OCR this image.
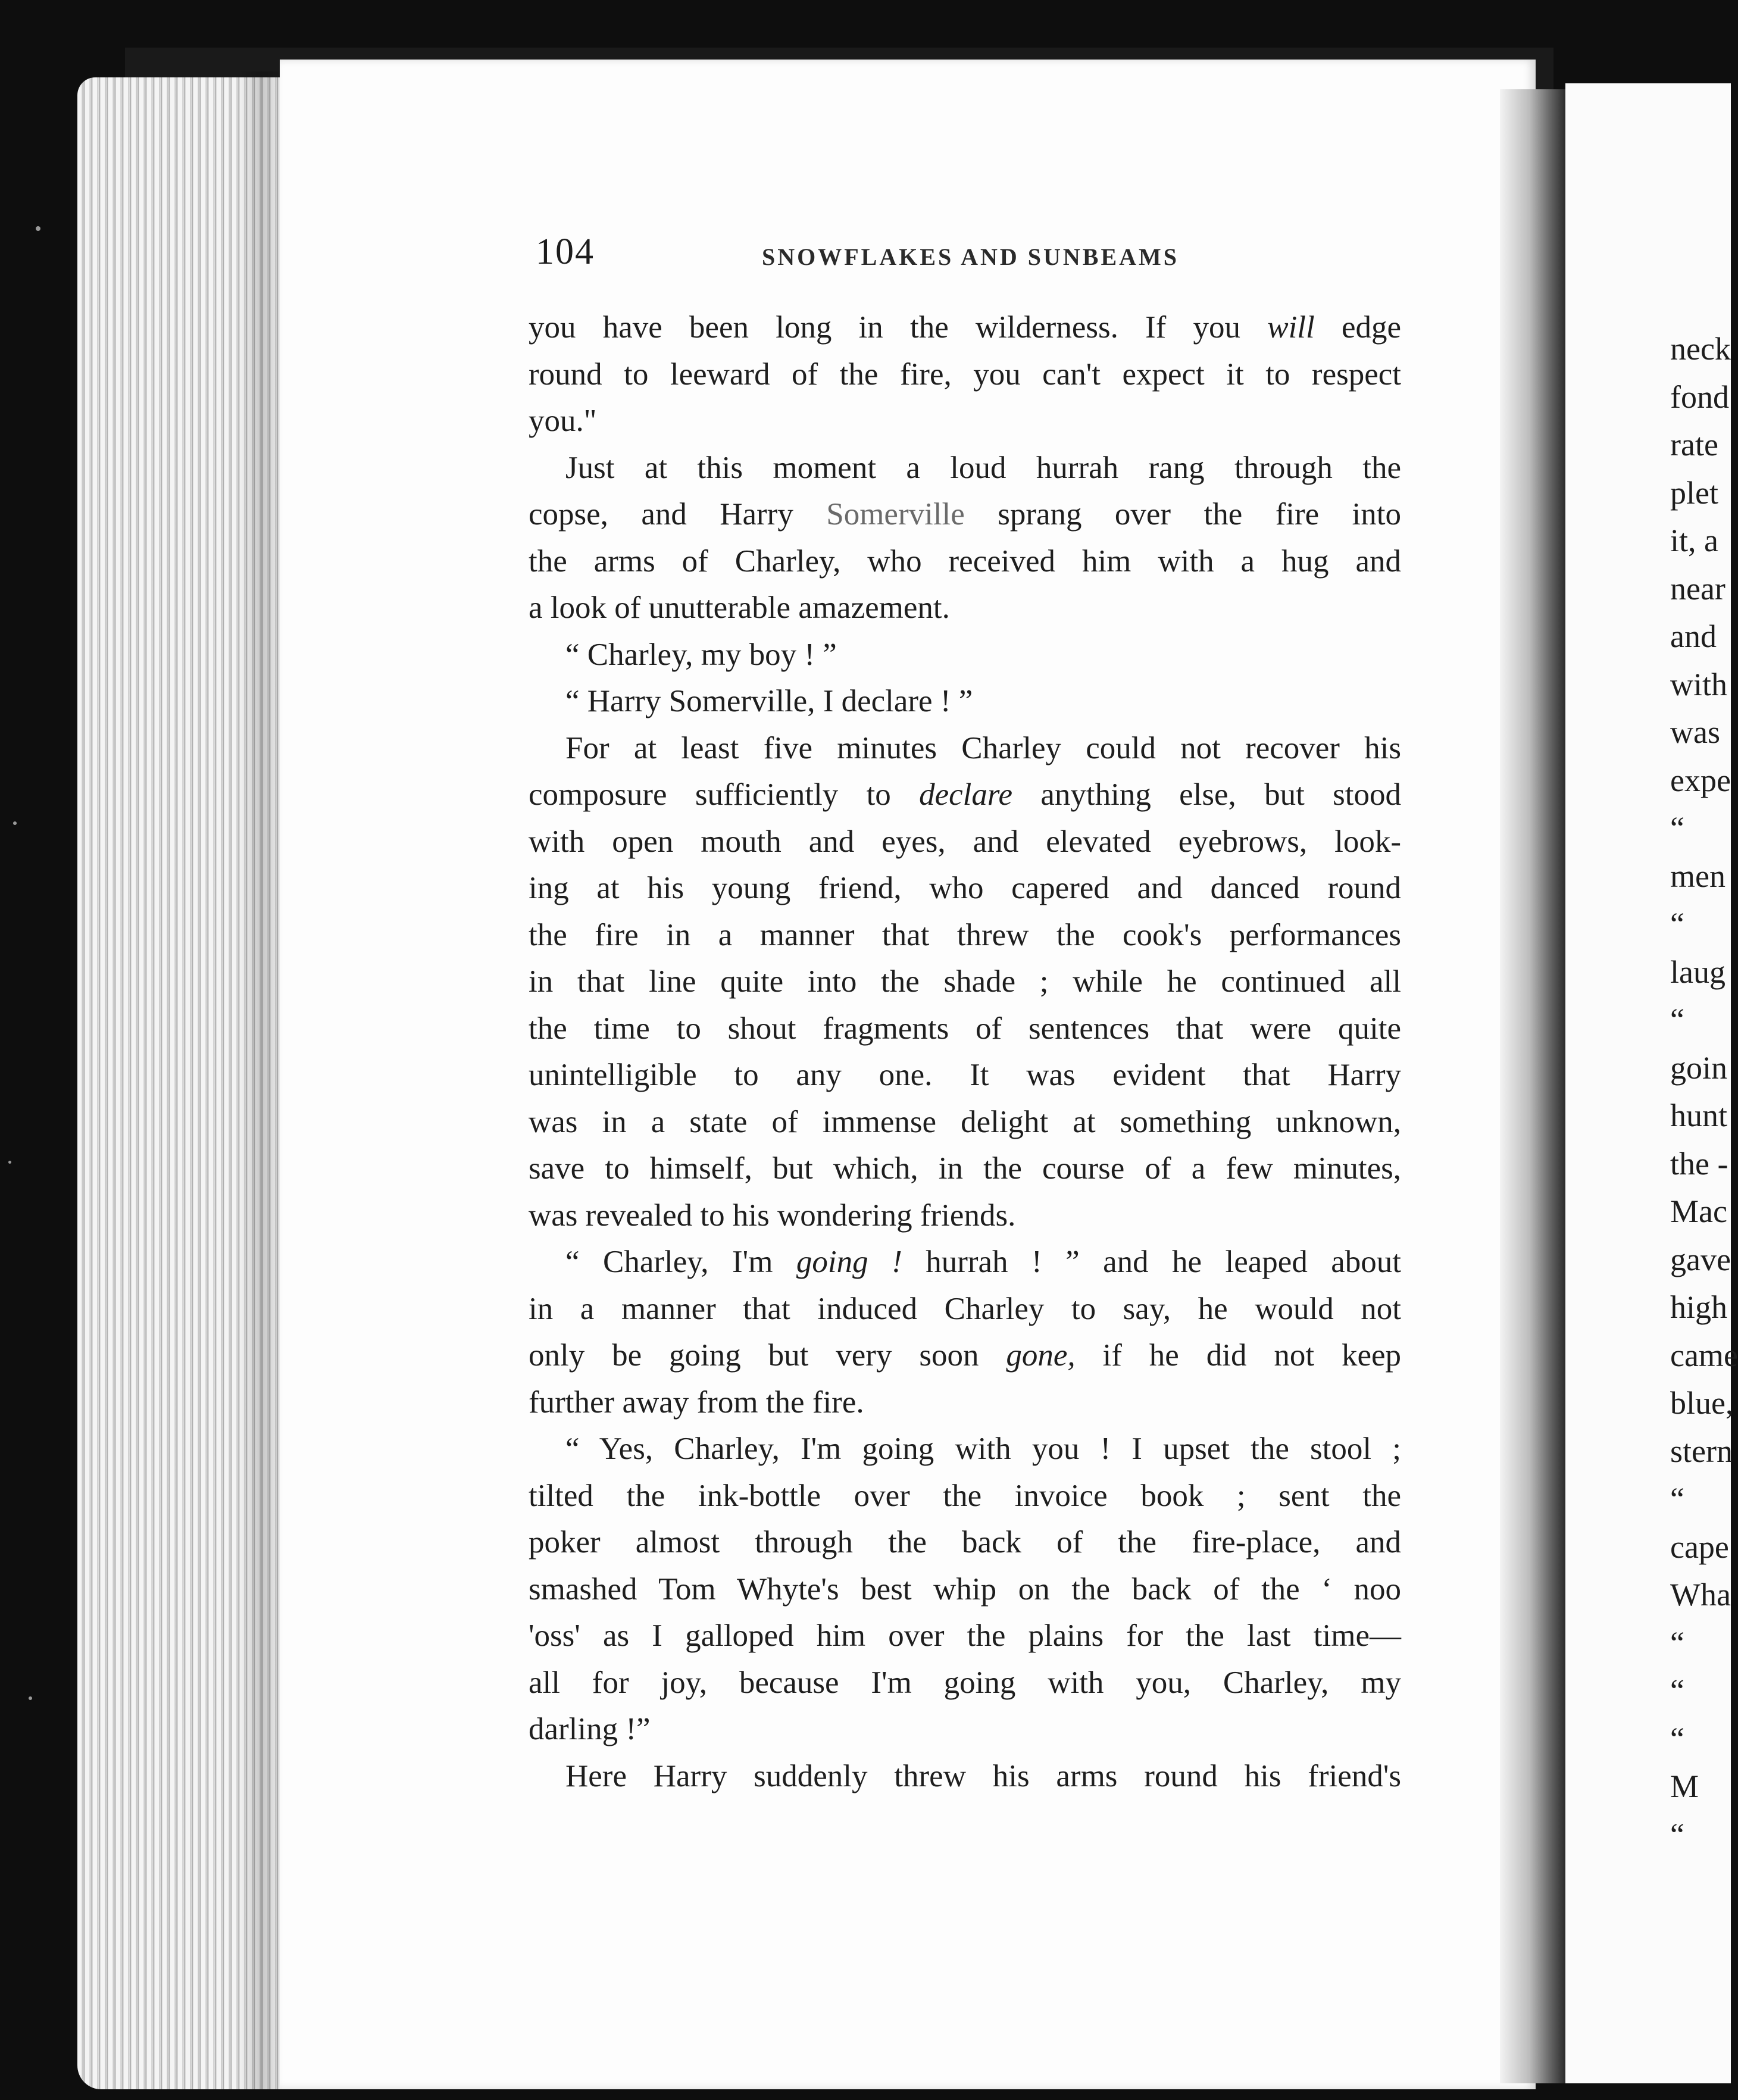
neck
fond
rate
plet
it, a
near
and
with
was
expe
“
men
“
laug
“
goin
hunt
the -
Mac
gave
high
came
blue,
stern
“
cape
Wha
“
“
“
M
“
104	SNOWFLAKES AND SUNBEAMS
you have been long in the wilderness. If you will edge
round to leeward of the fire, you can't expect it to respect
you."
Just at this moment a loud hurrah rang through the
copse, and Harry Somerville sprang over the fire into
the arms of Charley, who received him with a hug and
a look of unutterable amazement.
“ Charley, my boy ! ”
“ Harry Somerville, I declare ! ”
For at least five minutes Charley could not recover his
composure sufficiently to declare anything else, but stood
with open mouth and eyes, and elevated eyebrows, look-
ing at his young friend, who capered and danced round
the fire in a manner that threw the cook's performances
in that line quite into the shade ; while he continued all
the time to shout fragments of sentences that were quite
unintelligible to any one. It was evident that Harry
was in a state of immense delight at something unknown,
save to himself, but which, in the course of a few minutes,
was revealed to his wondering friends.
“ Charley, I'm going ! hurrah ! ” and he leaped about
in a manner that induced Charley to say, he would not
only be going but very soon gone, if he did not keep
further away from the fire.
“ Yes, Charley, I'm going with you ! I upset the stool ;
tilted the ink-bottle over the invoice book ; sent the
poker almost through the back of the fire-place, and
smashed Tom Whyte's best whip on the back of the ‘ noo
'oss' as I galloped him over the plains for the last time—
all for joy, because I'm going with you, Charley, my
darling !”
Here Harry suddenly threw his arms round his friend's
